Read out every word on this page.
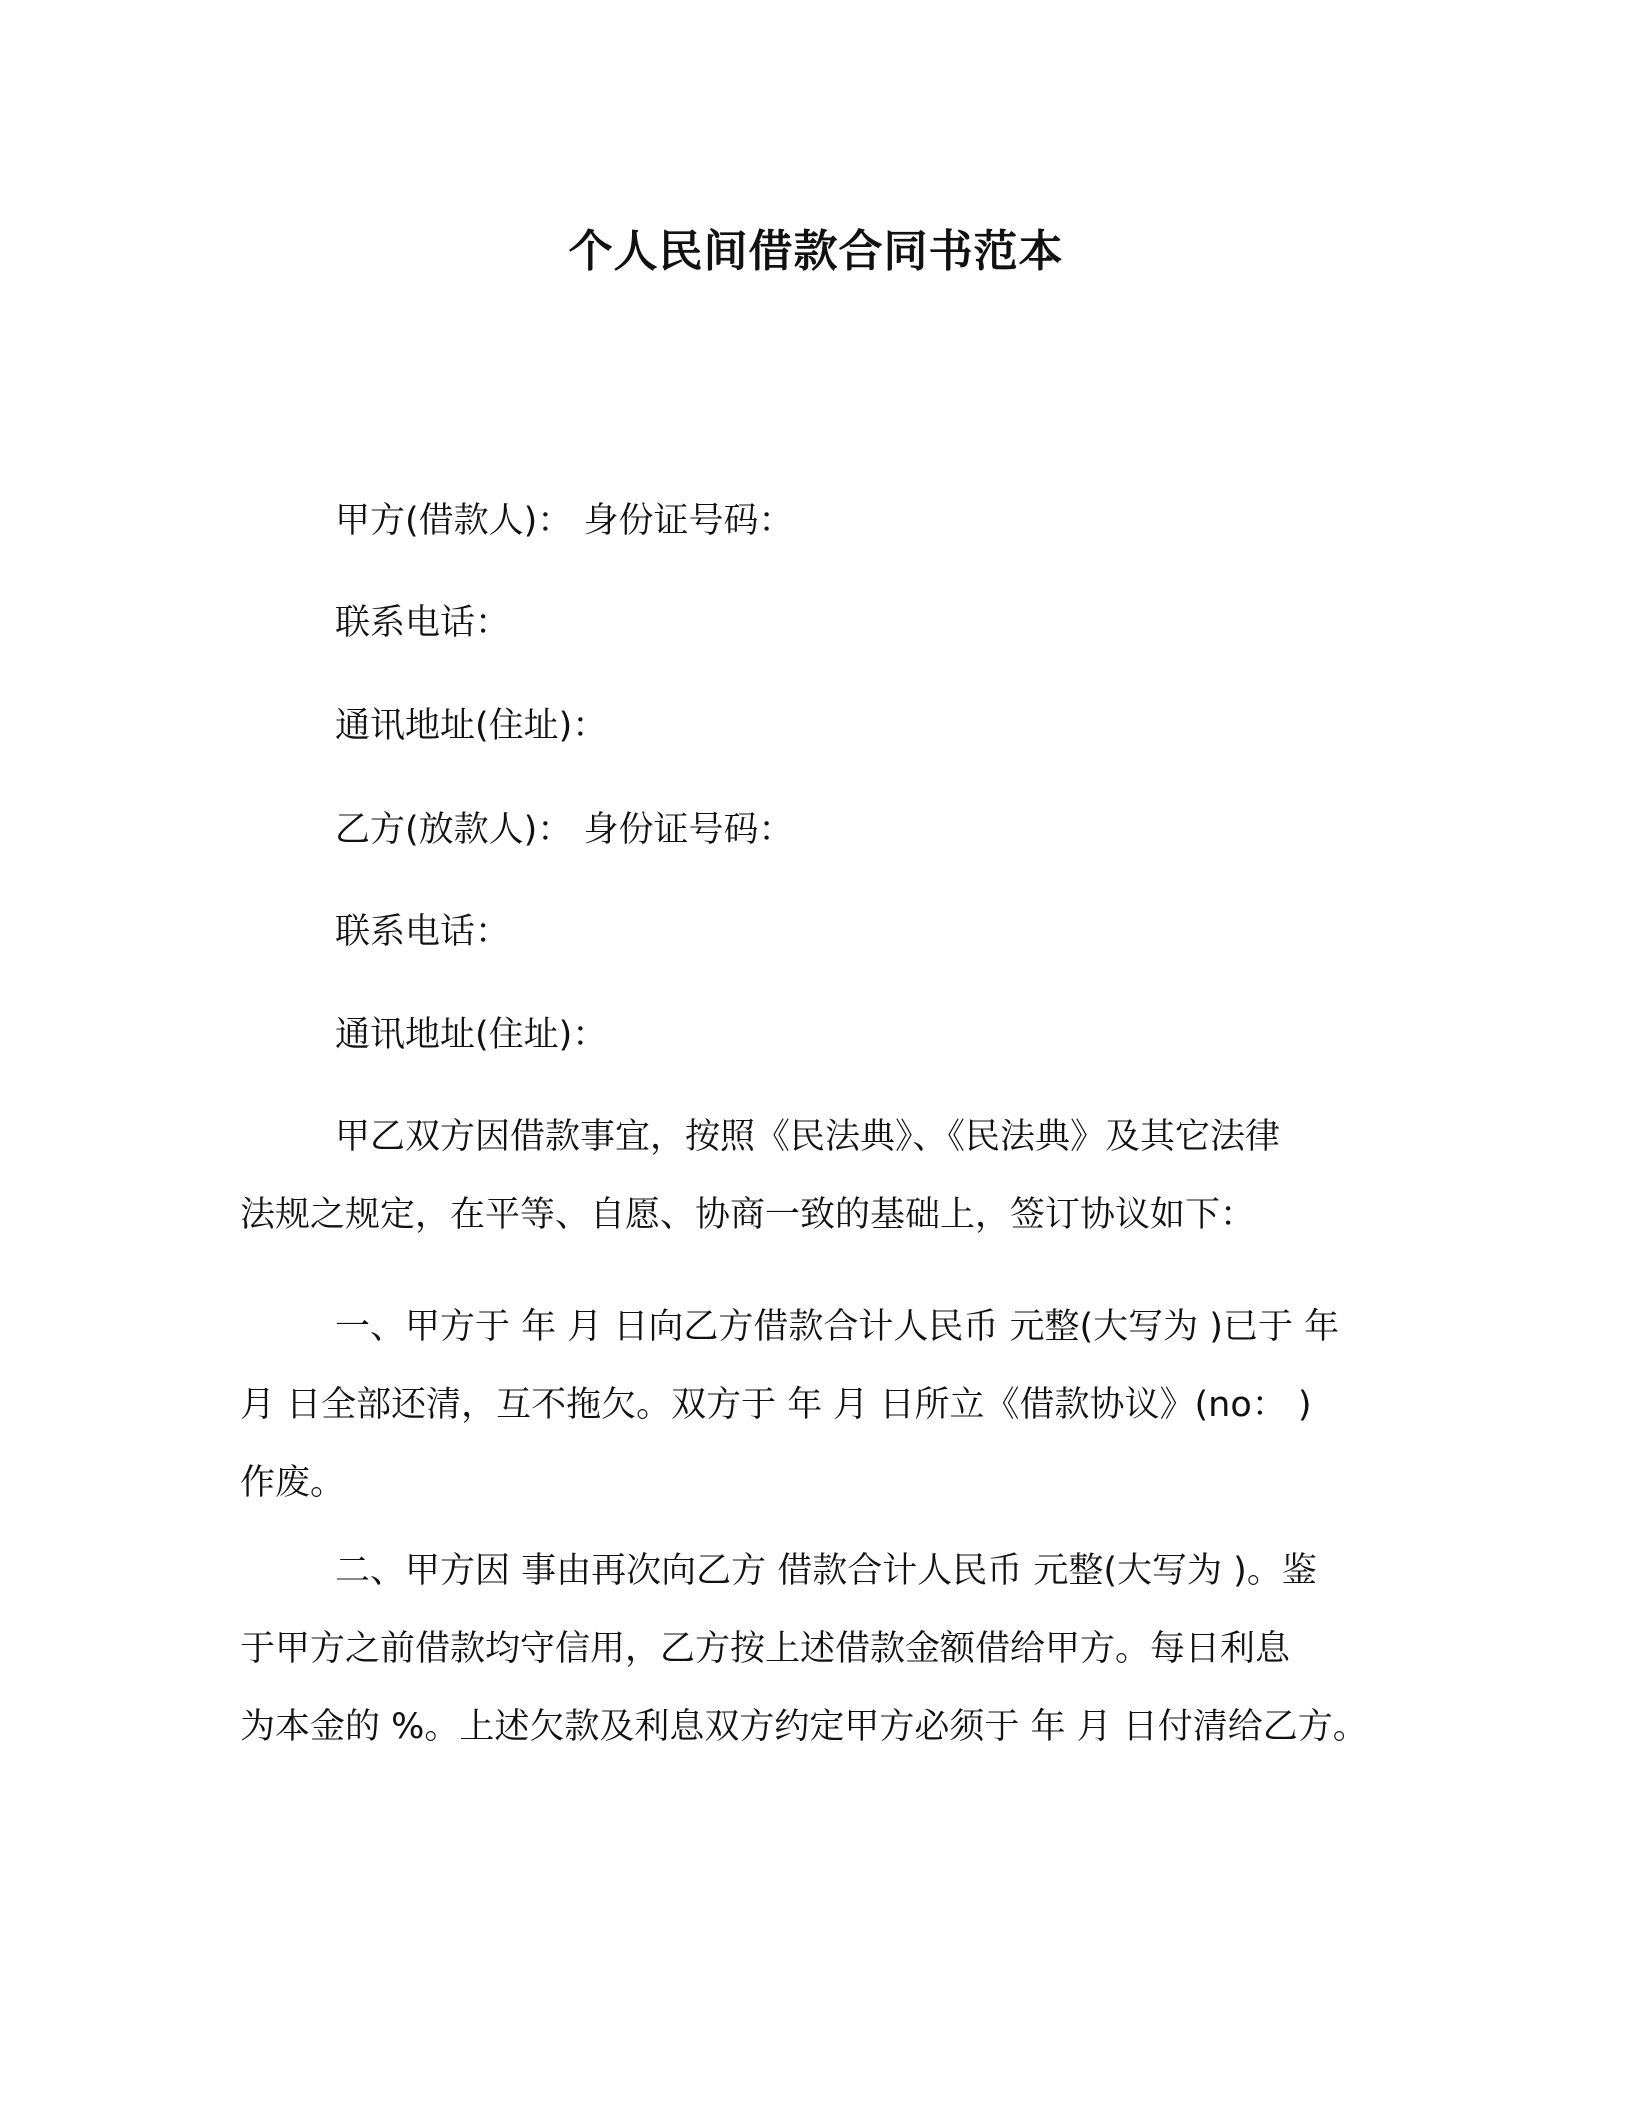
个人民间借款合同书范本
甲方(借款人)： 身份证号码：
联系电话：
通讯地址(住址)：
乙方(放款人)： 身份证号码：
联系电话：
通讯地址(住址)：
甲乙双方因借款事宜，按照《民法典》、《民法典》及其它法律
法规之规定，在平等、自愿、协商一致的基础上，签订协议如下：
一、甲方于 年 月 日向乙方借款合计人民币 元整(大写为 )已于 年
月 日全部还清，互不拖欠。双方于 年 月 日所立《借款协议》(no： )
作废。
二、甲方因 事由再次向乙方 借款合计人民币 元整(大写为 )。鉴
于甲方之前借款均守信用，乙方按上述借款金额借给甲方。每日利息
为本金的 %。上述欠款及利息双方约定甲方必须于 年 月 日付清给乙方。
